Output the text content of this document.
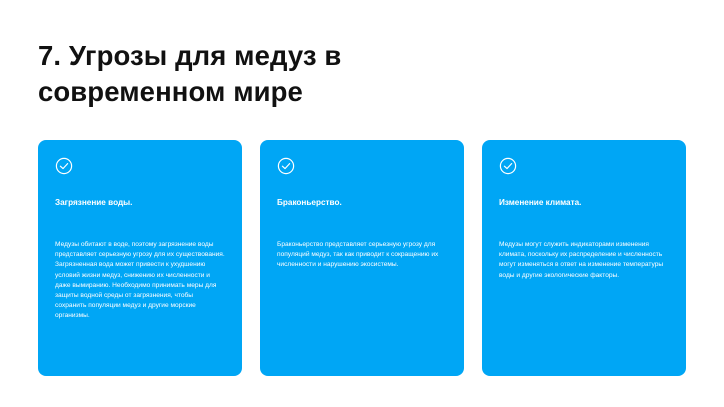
7. Угрозы для медуз в современном мире

Загрязнение воды.

Медузы обитают в воде, поэтому загрязнение воды представляет серьезную угрозу для их существования. Загрязненная вода может привести к ухудшению условий жизни медуз, снижению их численности и даже вымиранию. Необходимо принимать меры для защиты водной среды от загрязнения, чтобы сохранить популяции медуз и другие морские организмы.

Браконьерство.

Браконьерство представляет серьезную угрозу для популяций медуз, так как приводит к сокращению их численности и нарушению экосистемы.

Изменение климата.

Медузы могут служить индикаторами изменения климата, поскольку их распределение и численность могут изменяться в ответ на изменение температуры воды и другие экологические факторы.
